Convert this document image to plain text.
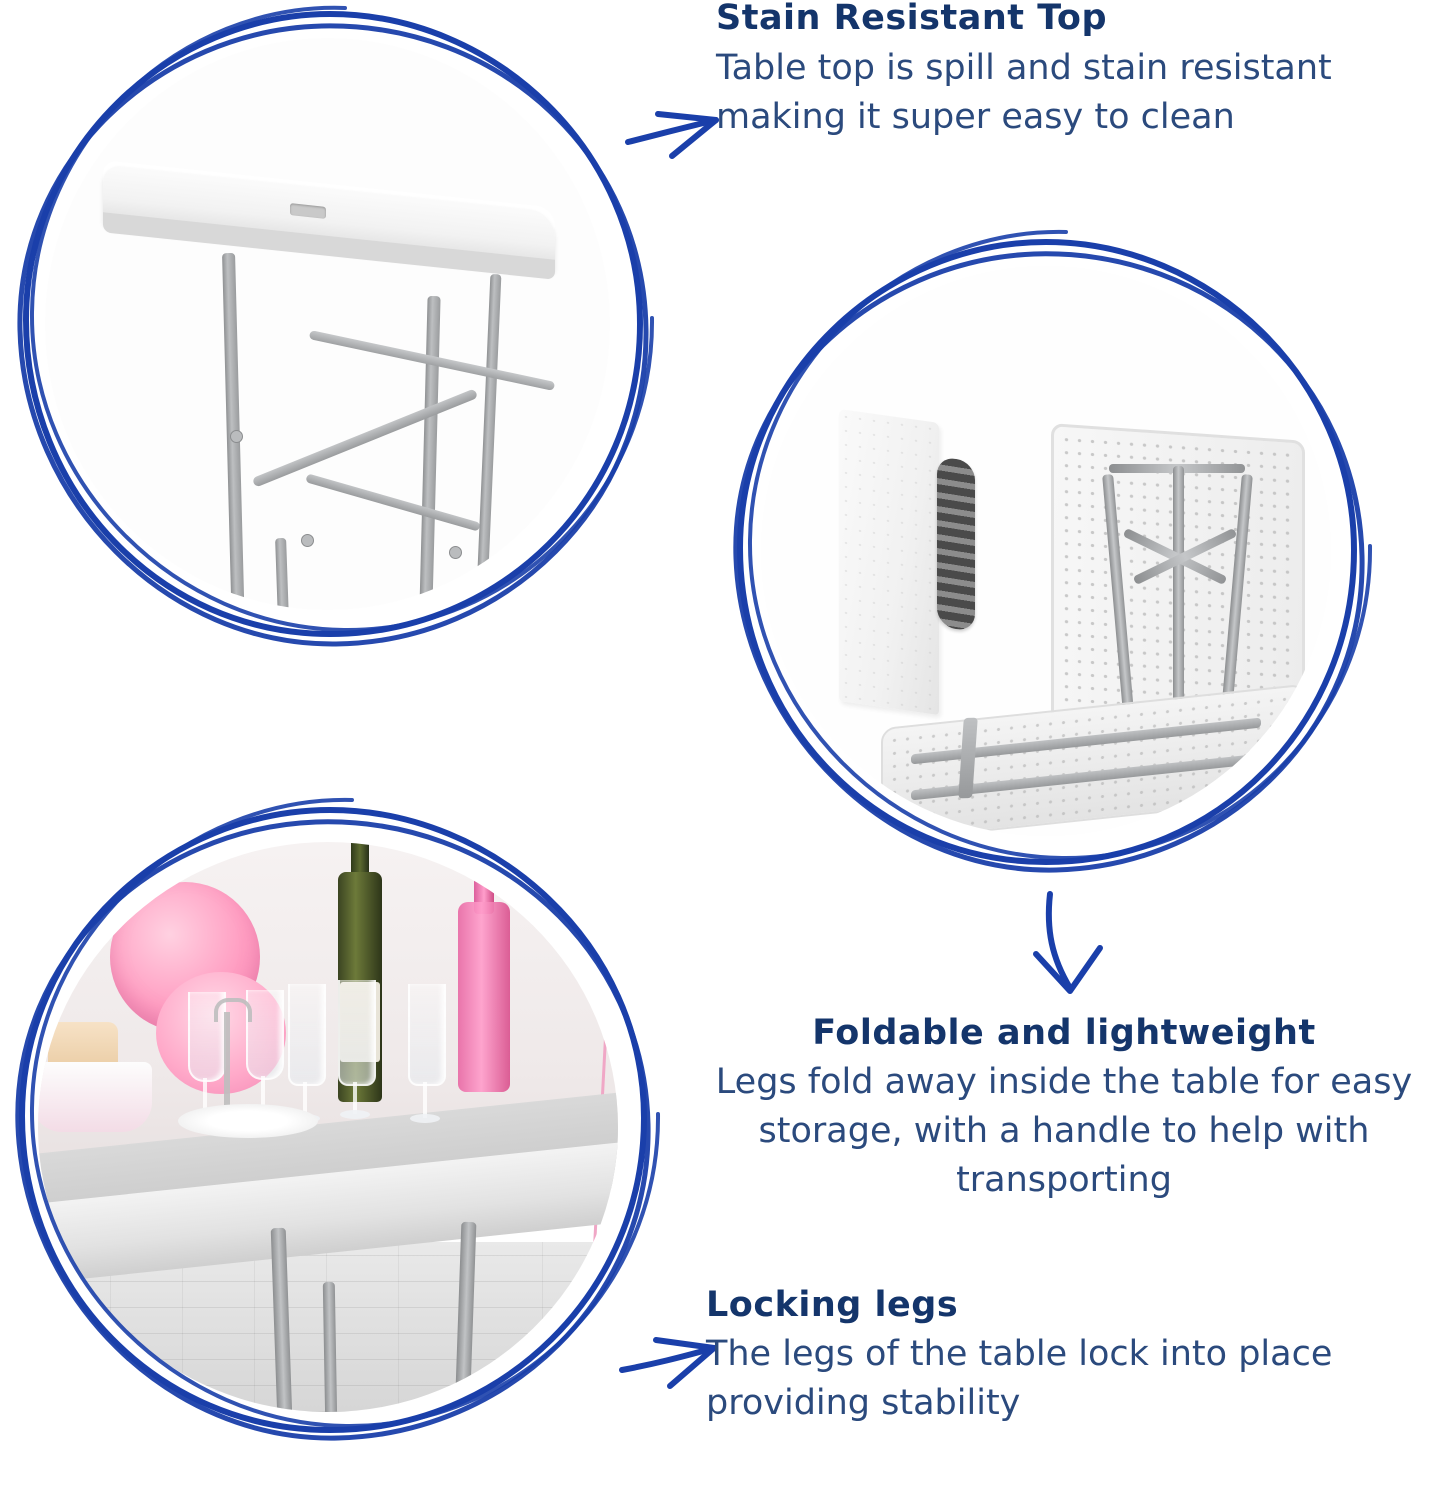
Stain Resistant Top
Table top is spill and stain resistant making it super easy to clean
Foldable and lightweight
Legs fold away inside the table for easy storage, with a handle to help with transporting
Locking legs
The legs of the table lock into place providing stability
